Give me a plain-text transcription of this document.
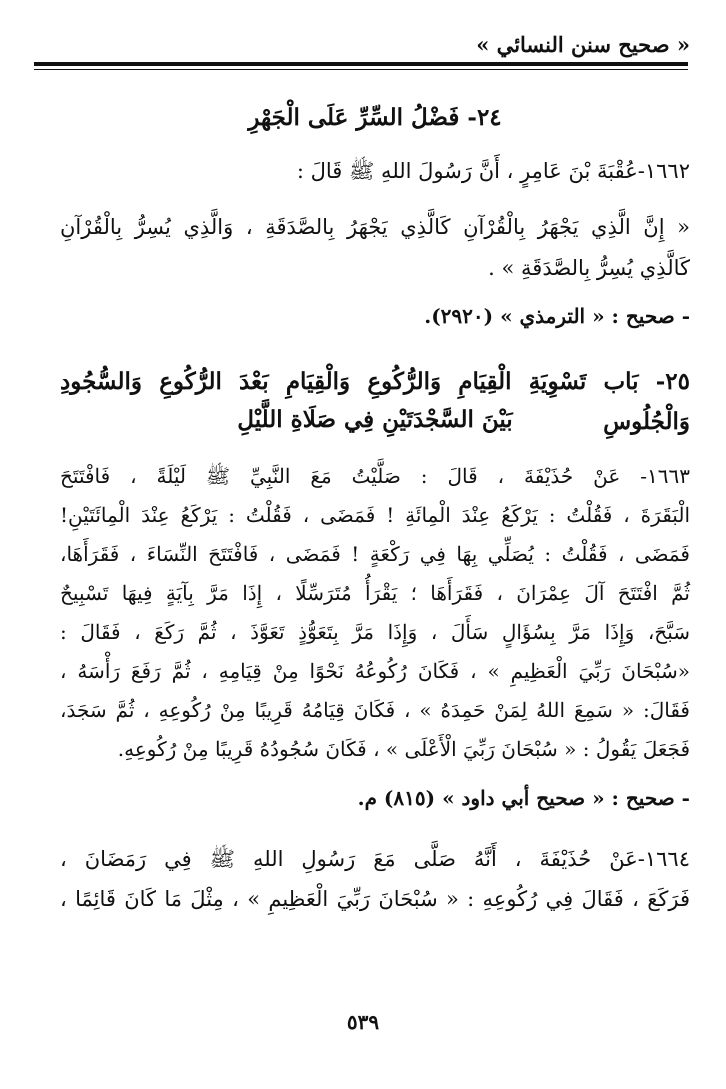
« صحيح سنن النسائي »
٢٤- فَضْلُ السِّرِّ عَلَى الْجَهْرِ
١٦٦٢-عُقْبَةَ بْنَ عَامِرٍ ، أَنَّ رَسُولَ اللهِ ﷺ قَالَ :
« إِنَّ الَّذِي يَجْهَرُ بِالْقُرْآنِ كَالَّذِي يَجْهَرُ بِالصَّدَقَةِ ، وَالَّذِي يُسِرُّ بِالْقُرْآنِ
كَالَّذِي يُسِرُّ بِالصَّدَقَةِ » .
- صحيح : « الترمذي » (٢٩٢٠).
٢٥- بَاب تَسْوِيَةِ الْقِيَامِ وَالرُّكُوعِ وَالْقِيَامِ بَعْدَ الرُّكُوعِ وَالسُّجُودِ وَالْجُلُوسِ
بَيْنَ السَّجْدَتَيْنِ فِي صَلَاةِ اللَّيْلِ
١٦٦٣- عَنْ حُذَيْفَةَ ، قَالَ : صَلَّيْتُ مَعَ النَّبِيِّ ﷺ لَيْلَةً ، فَافْتَتَحَ
الْبَقَرَةَ ، فَقُلْتُ : يَرْكَعُ عِنْدَ الْمِائَةِ ! فَمَضَى ، فَقُلْتُ : يَرْكَعُ عِنْدَ الْمِائَتَيْنِ!
فَمَضَى ، فَقُلْتُ : يُصَلِّي بِهَا فِي رَكْعَةٍ ! فَمَضَى ، فَافْتَتَحَ النِّسَاءَ ، فَقَرَأَهَا،
ثُمَّ افْتَتَحَ آلَ عِمْرَانَ ، فَقَرَأَهَا ؛ يَقْرَأُ مُتَرَسِّلًا ، إِذَا مَرَّ بِآيَةٍ فِيهَا تَسْبِيحٌ
سَبَّحَ، وَإِذَا مَرَّ بِسُؤَالٍ سَأَلَ ، وَإِذَا مَرَّ بِتَعَوُّذٍ تَعَوَّذَ ، ثُمَّ رَكَعَ ، فَقَالَ :
«سُبْحَانَ رَبِّيَ الْعَظِيمِ » ، فَكَانَ رُكُوعُهُ نَحْوًا مِنْ قِيَامِهِ ، ثُمَّ رَفَعَ رَأْسَهُ ،
فَقَالَ: « سَمِعَ اللهُ لِمَنْ حَمِدَهُ » ، فَكَانَ قِيَامُهُ قَرِيبًا مِنْ رُكُوعِهِ ، ثُمَّ سَجَدَ،
فَجَعَلَ يَقُولُ : « سُبْحَانَ رَبِّيَ الْأَعْلَى » ، فَكَانَ سُجُودُهُ قَرِيبًا مِنْ رُكُوعِهِ.
- صحيح : « صحيح أبي داود » (٨١٥) م.
١٦٦٤-عَنْ حُذَيْفَةَ ، أَنَّهُ صَلَّى مَعَ رَسُولِ اللهِ ﷺ فِي رَمَضَانَ ،
فَرَكَعَ ، فَقَالَ فِي رُكُوعِهِ : « سُبْحَانَ رَبِّيَ الْعَظِيمِ » ، مِثْلَ مَا كَانَ قَائِمًا ،
٥٣٩
